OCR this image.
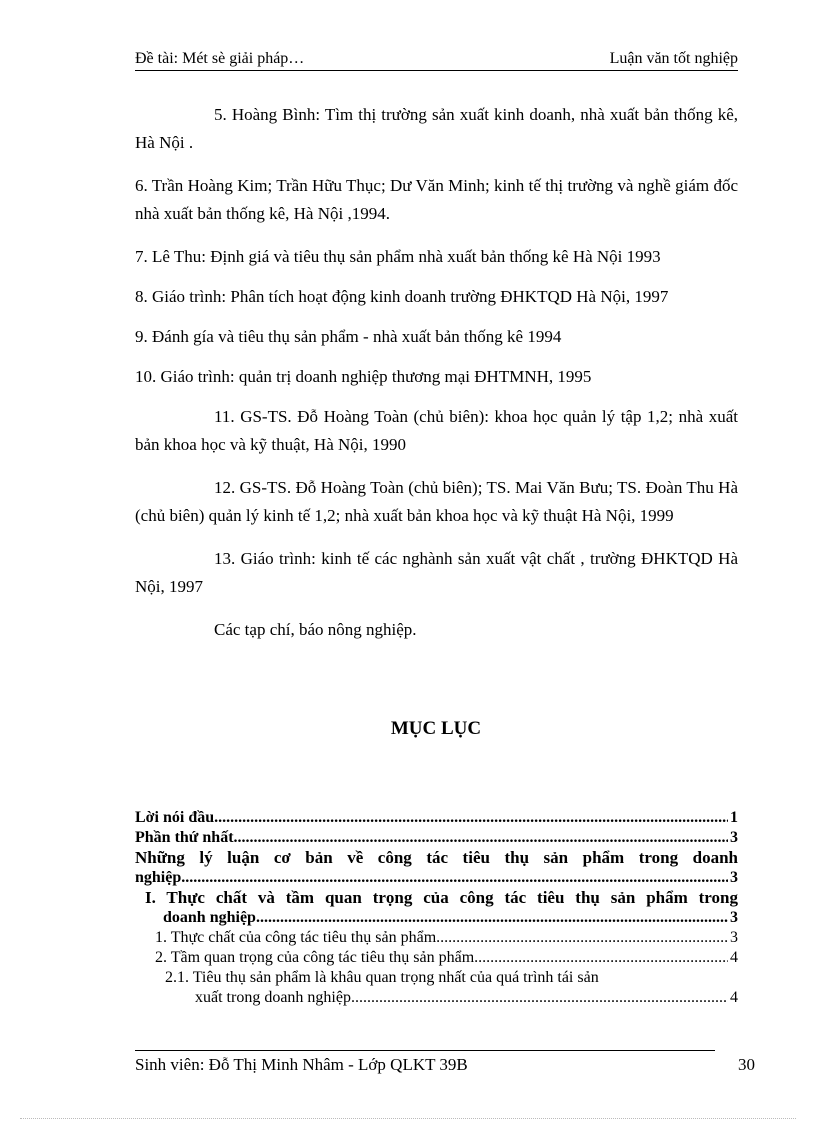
Đề tài: Mét sè giải pháp…	Luận văn tốt nghiệp

5. Hoàng Bình: Tìm thị trường sản xuất kinh doanh, nhà xuất bản thống kê, Hà Nội .

6. Trần Hoàng Kim; Trần Hữu Thục; Dư Văn Minh; kinh tế thị trường và nghề giám đốc nhà xuất bản thống kê, Hà Nội ,1994.

7. Lê Thu: Định giá và tiêu thụ sản phẩm nhà xuất bản thống kê Hà Nội 1993

8. Giáo trình: Phân tích hoạt động kinh doanh trường ĐHKTQD Hà Nội, 1997

9. Đánh gía và tiêu thụ sản phẩm - nhà xuất bản thống kê 1994

10. Giáo trình: quản trị doanh nghiệp thương mại ĐHTMNH, 1995

11. GS-TS. Đỗ Hoàng Toàn (chủ biên): khoa học quản lý tập 1,2; nhà xuất bản khoa học và kỹ thuật, Hà Nội, 1990

12. GS-TS. Đỗ Hoàng Toàn (chủ biên); TS. Mai Văn Bưu; TS. Đoàn Thu Hà (chủ biên) quản lý kinh tế 1,2; nhà xuất bản khoa học và kỹ thuật Hà Nội, 1999

13. Giáo trình: kinh tế các nghành sản xuất vật chất , trường ĐHKTQD Hà Nội, 1997

Các tạp chí, báo nông nghiệp.

MỤC LỤC
Lời nói đầu .....	1
Phần thứ nhất .....	3
Những lý luận cơ bản về công tác tiêu thụ sản phẩm trong doanh
nghiệp .....	3
I. Thực chất và tầm quan trọng của công tác tiêu thụ sản phẩm trong
doanh nghiệp .....	3
1. Thực chất của công tác tiêu thụ sản phẩm. .....	3
2. Tầm quan trọng của công tác tiêu thụ sản phẩm. .....	4
2.1. Tiêu thụ sản phẩm là khâu quan trọng nhất của quá trình tái sản
xuất trong doanh nghiệp. .....	4
Sinh viên: Đỗ Thị Minh Nhâm - Lớp QLKT 39B	30
